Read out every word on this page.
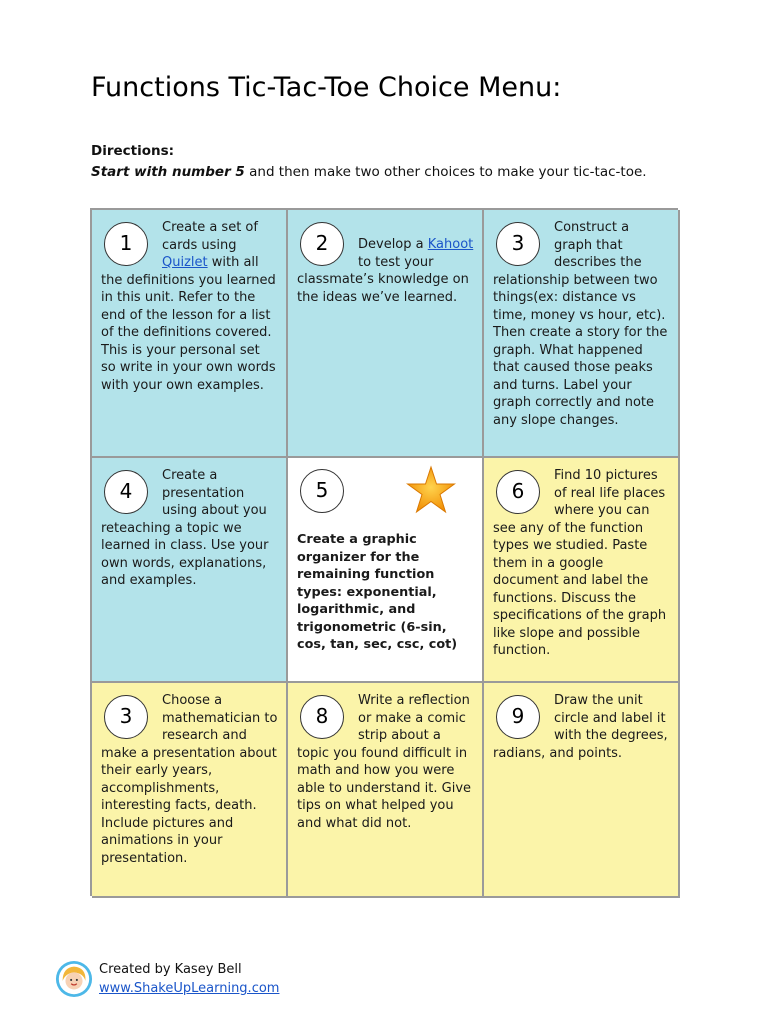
Functions Tic-Tac-Toe Choice Menu:
Directions:
Start with number 5 and then make two other choices to make your tic-tac-toe.
1
Create a set of cards using Quizlet with all the definitions you learned in this unit. Refer to the end of the lesson for a list of the definitions covered. This is your personal set so write in your own words with your own examples.
2	Develop a Kahoot to test your classmate’s knowledge on the ideas we’ve learned.
3
Construct a graph that describes the relationship between two things(ex: distance vs time, money vs hour, etc). Then create a story for the graph. What happened that caused those peaks and turns. Label your graph correctly and note any slope changes.
4
Create a presentation using about you reteaching a topic we learned in class. Use your own words, explanations, and examples.
5
Create a graphic organizer for the remaining function types: exponential, logarithmic, and trigonometric (6-sin, cos, tan, sec, csc, cot)
6
Find 10 pictures of real life places where you can see any of the function types we studied. Paste them in a google document and label the functions. Discuss the specifications of the graph like slope and possible function.
3
Choose a mathematician to research and make a presentation about their early years, accomplishments, interesting facts, death. Include pictures and animations in your presentation.
8
Write a reflection or make a comic strip about a topic you found difficult in math and how you were able to understand it. Give tips on what helped you and what did not.
9
Draw the unit circle and label it with the degrees, radians, and points.
Created by Kasey Bell
www.ShakeUpLearning.com
